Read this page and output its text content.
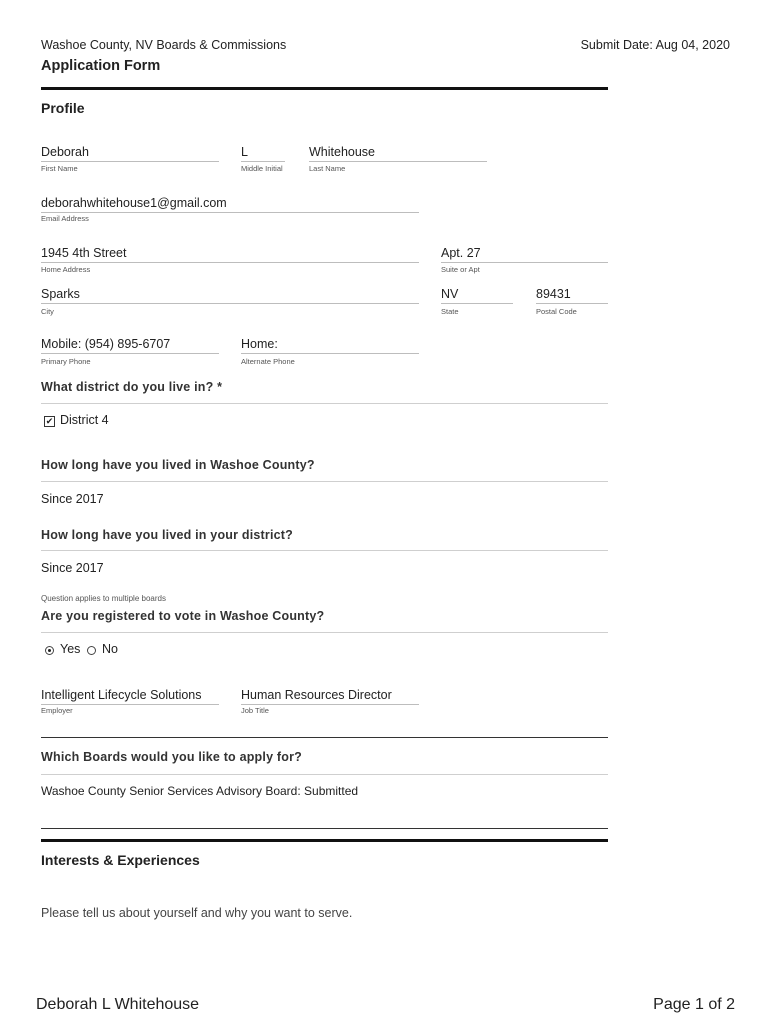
Washoe County, NV Boards & Commissions	Submit Date: Aug 04, 2020
Application Form
Profile
Deborah
First Name
L
Middle Initial
Whitehouse
Last Name
deborahwhitehouse1@gmail.com
Email Address
1945 4th Street
Home Address
Apt. 27
Suite or Apt
Sparks
City
NV
State
89431
Postal Code
Mobile: (954) 895-6707
Primary Phone
Home:
Alternate Phone
What district do you live in? *
✔ District 4
How long have you lived in Washoe County?
Since 2017
How long have you lived in your district?
Since 2017
Question applies to multiple boards
Are you registered to vote in Washoe County?
Yes No
Intelligent Lifecycle Solutions
Employer
Human Resources Director
Job Title
Which Boards would you like to apply for?
Washoe County Senior Services Advisory Board: Submitted
Interests & Experiences
Please tell us about yourself and why you want to serve.
Deborah L Whitehouse	Page 1 of 2
